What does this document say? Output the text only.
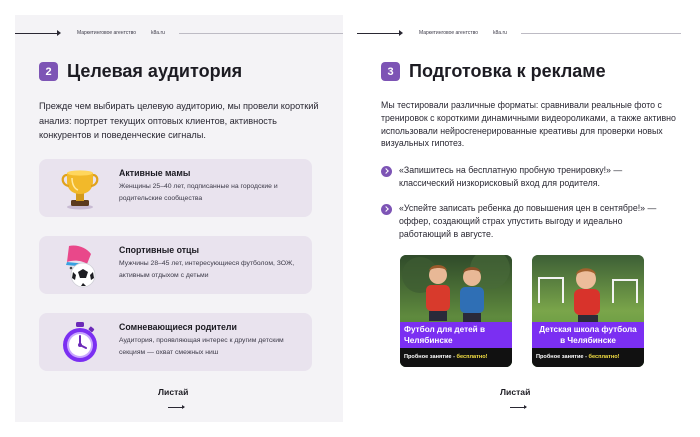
Маркетинговое агентство	k8a.ru
2 Целевая аудитория
Прежде чем выбирать целевую аудиторию, мы провели короткий анализ: портрет текущих оптовых клиентов, активность конкурентов и поведенческие сигналы.
Активные мамы
Женщины 25–40 лет, подписанные на городские и родительские сообщества
Спортивные отцы
Мужчины 28–45 лет, интересующиеся футболом, ЗОЖ, активным отдыхом с детьми
Сомневающиеся родители
Аудитория, проявляющая интерес к другим детским секциям — охват смежных ниш
Листай
Маркетинговое агентство	k8a.ru
3 Подготовка к рекламе
Мы тестировали различные форматы: сравнивали реальные фото с тренировок с короткими динамичными видеороликами, а также активно использовали нейросгенерированные креативы для проверки новых визуальных гипотез.
«Запишитесь на бесплатную пробную тренировку!» — классический низкорисковый вход для родителя.
«Успейте записать ребенка до повышения цен в сентябре!» — оффер, создающий страх упустить выгоду и идеально работающий в августе.
Футбол для детей в Челябинске
Пробное занятие - бесплатно!
Детская школа футбола в Челябинске
Пробное занятие - бесплатно!
Листай
